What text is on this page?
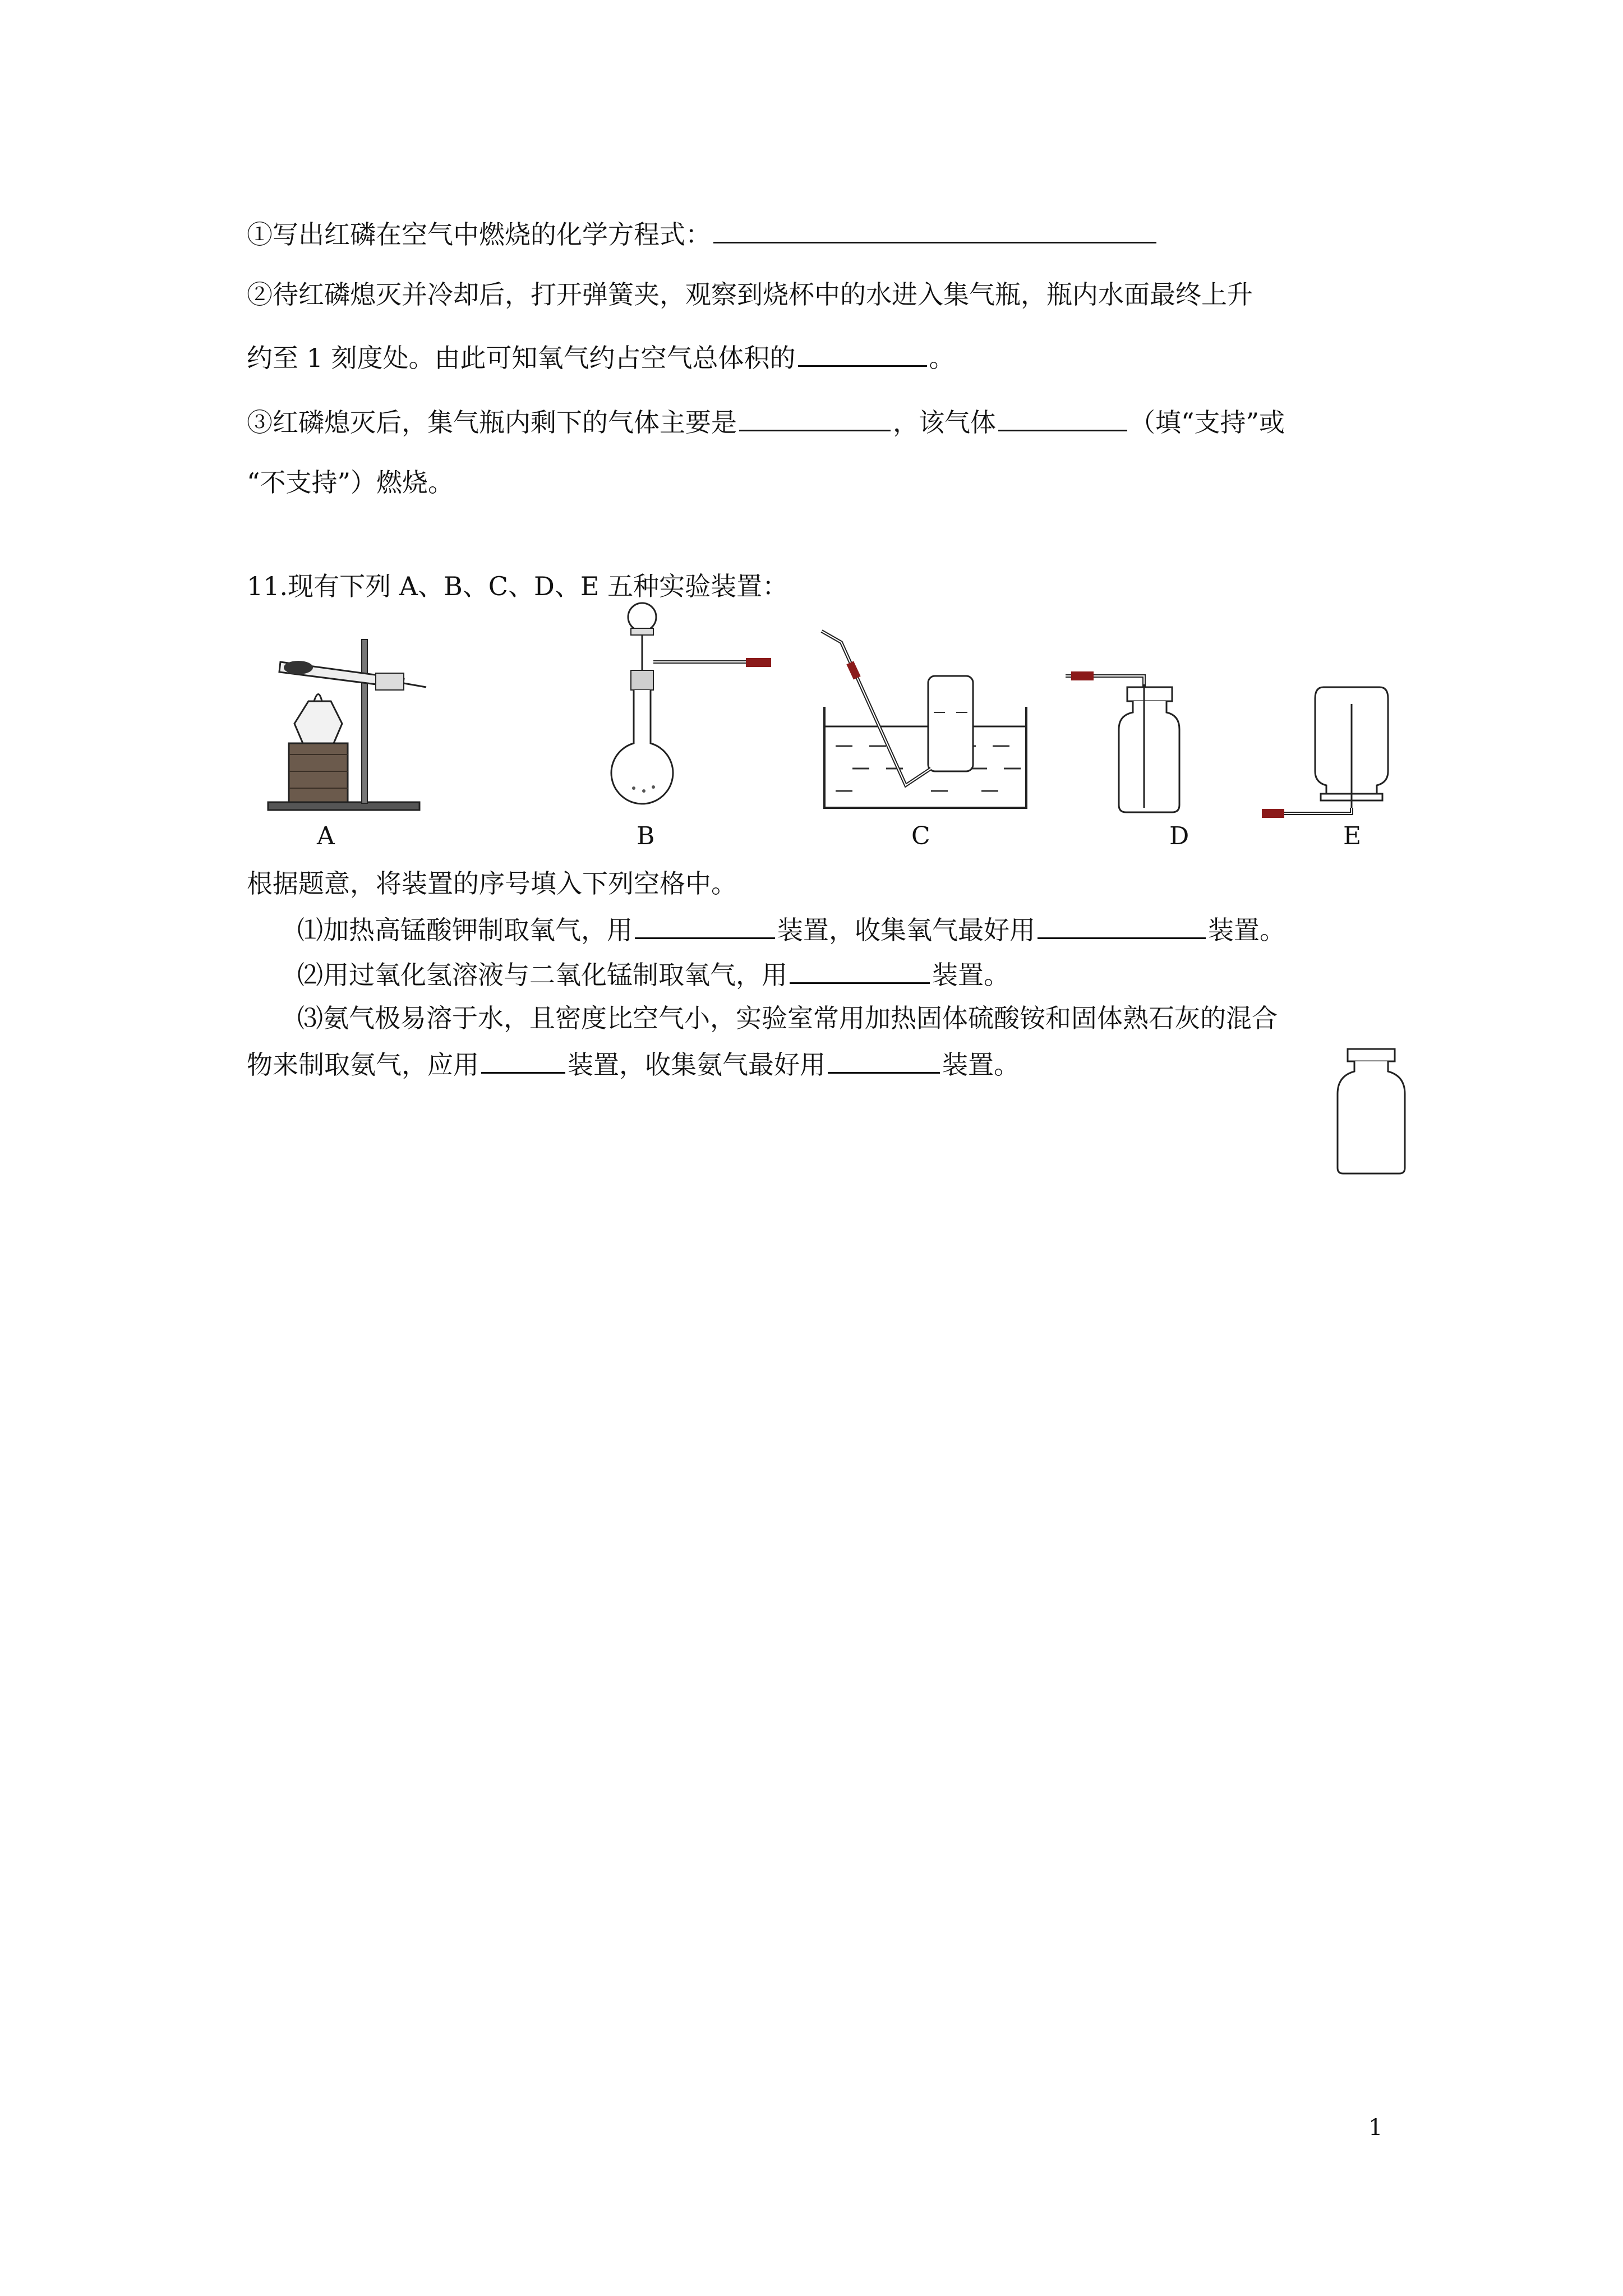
①写出红磷在空气中燃烧的化学方程式：
②待红磷熄灭并冷却后，打开弹簧夹，观察到烧杯中的水进入集气瓶，瓶内水面最终上升
约至 1 刻度处。由此可知氧气约占空气总体积的	。
③红磷熄灭后，集气瓶内剩下的气体主要是	，该气体	（填“支持”或
“不支持”）燃烧。
11.现有下列 A、B、C、D、E 五种实验装置：
A	B	C	D	E
根据题意，将装置的序号填入下列空格中。
⑴加热高锰酸钾制取氧气，用	装置，收集氧气最好用	装置。
⑵用过氧化氢溶液与二氧化锰制取氧气，用	装置。
⑶氨气极易溶于水，且密度比空气小，实验室常用加热固体硫酸铵和固体熟石灰的混合
物来制取氨气，应用	装置，收集氨气最好用	装置。
1
